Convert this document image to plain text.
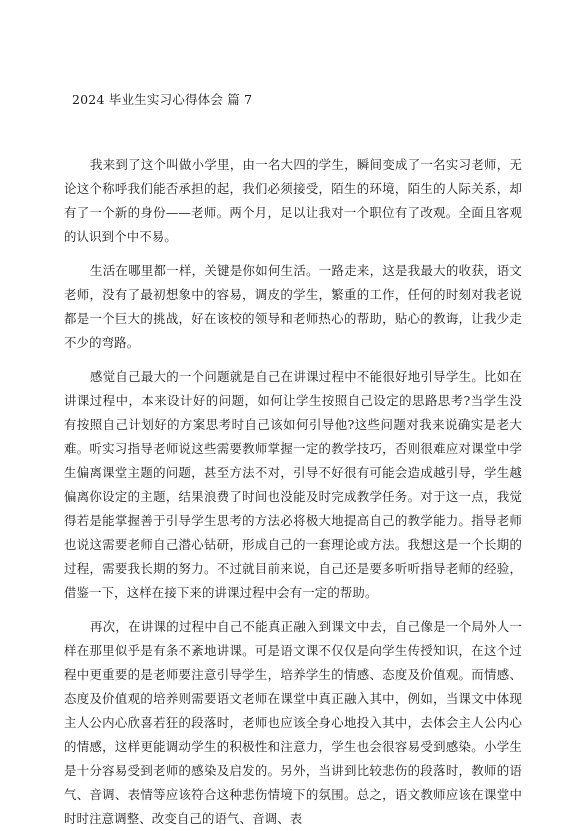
2024 毕业生实习心得体会 篇 7

我来到了这个叫做小学里，由一名大四的学生，瞬间变成了一名实习老师，无论这个称呼我们能否承担的起，我们必须接受，陌生的环境，陌生的人际关系，却有了一个新的身份——老师。两个月，足以让我对一个职位有了改观。全面且客观的认识到个中不易。

生活在哪里都一样，关键是你如何生活。一路走来，这是我最大的收获，语文老师，没有了最初想象中的容易，调皮的学生，繁重的工作，任何的时刻对我老说都是一个巨大的挑战，好在该校的领导和老师热心的帮助，贴心的教诲，让我少走不少的弯路。

感觉自己最大的一个问题就是自己在讲课过程中不能很好地引导学生。比如在讲课过程中，本来设计好的问题，如何让学生按照自己设定的思路思考?当学生没有按照自己计划好的方案思考时自己该如何引导他?这些问题对我来说确实是老大难。听实习指导老师说这些需要教师掌握一定的教学技巧，否则很难应对课堂中学生偏离课堂主题的问题，甚至方法不对，引导不好很有可能会造成越引导，学生越偏离你设定的主题，结果浪费了时间也没能及时完成教学任务。对于这一点，我觉得若是能掌握善于引导学生思考的方法必将极大地提高自己的教学能力。指导老师也说这需要老师自己潜心钻研，形成自己的一套理论或方法。我想这是一个长期的过程，需要我长期的努力。不过就目前来说，自己还是要多听听指导老师的经验，借鉴一下，这样在接下来的讲课过程中会有一定的帮助。

再次，在讲课的过程中自己不能真正融入到课文中去，自己像是一个局外人一样在那里似乎是有条不紊地讲课。可是语文课不仅仅是向学生传授知识，在这个过程中更重要的是老师要注意引导学生，培养学生的情感、态度及价值观。而情感、态度及价值观的培养则需要语文老师在课堂中真正融入其中，例如，当课文中体现主人公内心欣喜若狂的段落时，老师也应该全身心地投入其中，去体会主人公内心的情感，这样更能调动学生的积极性和注意力，学生也会很容易受到感染。小学生是十分容易受到老师的感染及启发的。另外，当讲到比较悲伤的段落时，教师的语气、音调、表情等应该符合这种悲伤情境下的氛围。总之，语文教师应该在课堂中时时注意调整、改变自己的语气、音调、表
